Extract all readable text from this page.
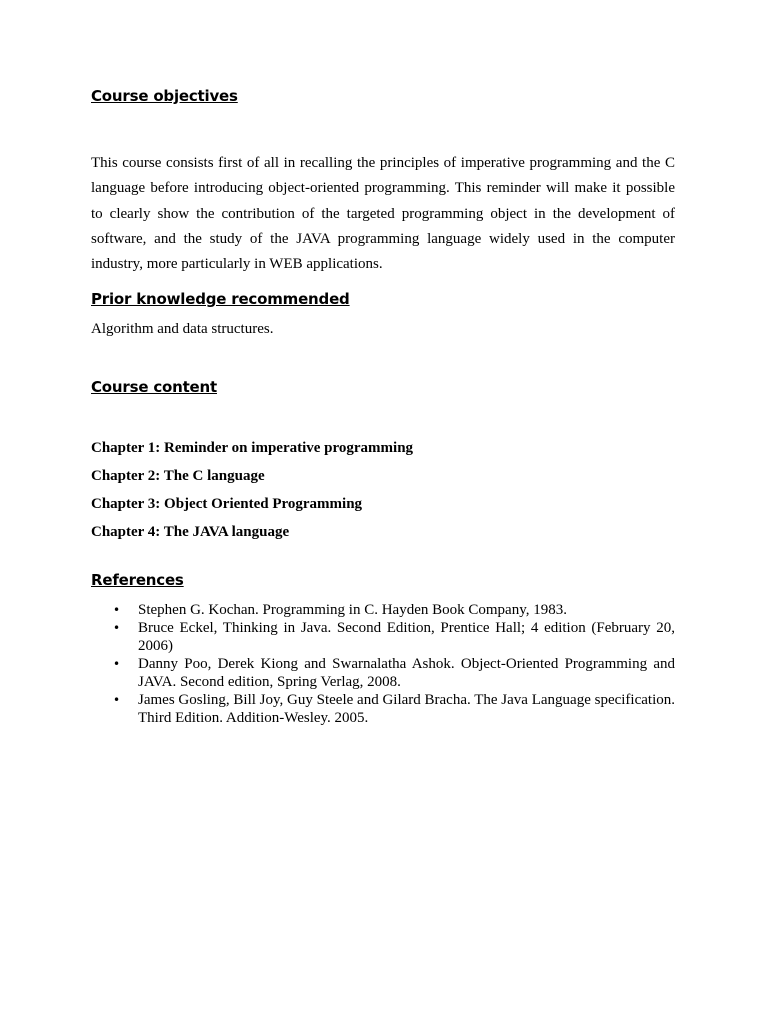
Course objectives

This course consists first of all in recalling the principles of imperative programming and the C language before introducing object-oriented programming. This reminder will make it possible to clearly show the contribution of the targeted programming object in the development of software, and the study of the JAVA programming language widely used in the computer industry, more particularly in WEB applications.

Prior knowledge recommended

Algorithm and data structures.

Course content
Chapter 1: Reminder on imperative programming
Chapter 2: The C language
Chapter 3: Object Oriented Programming
Chapter 4: The JAVA language
References
• Stephen G. Kochan. Programming in C. Hayden Book Company, 1983.
• Bruce Eckel, Thinking in Java. Second Edition, Prentice Hall; 4 edition (February 20, 2006)
• Danny Poo, Derek Kiong and Swarnalatha Ashok. Object-Oriented Programming and JAVA. Second edition, Spring Verlag, 2008.
• James Gosling, Bill Joy, Guy Steele and Gilard Bracha. The Java Language specification. Third Edition. Addition-Wesley. 2005.
